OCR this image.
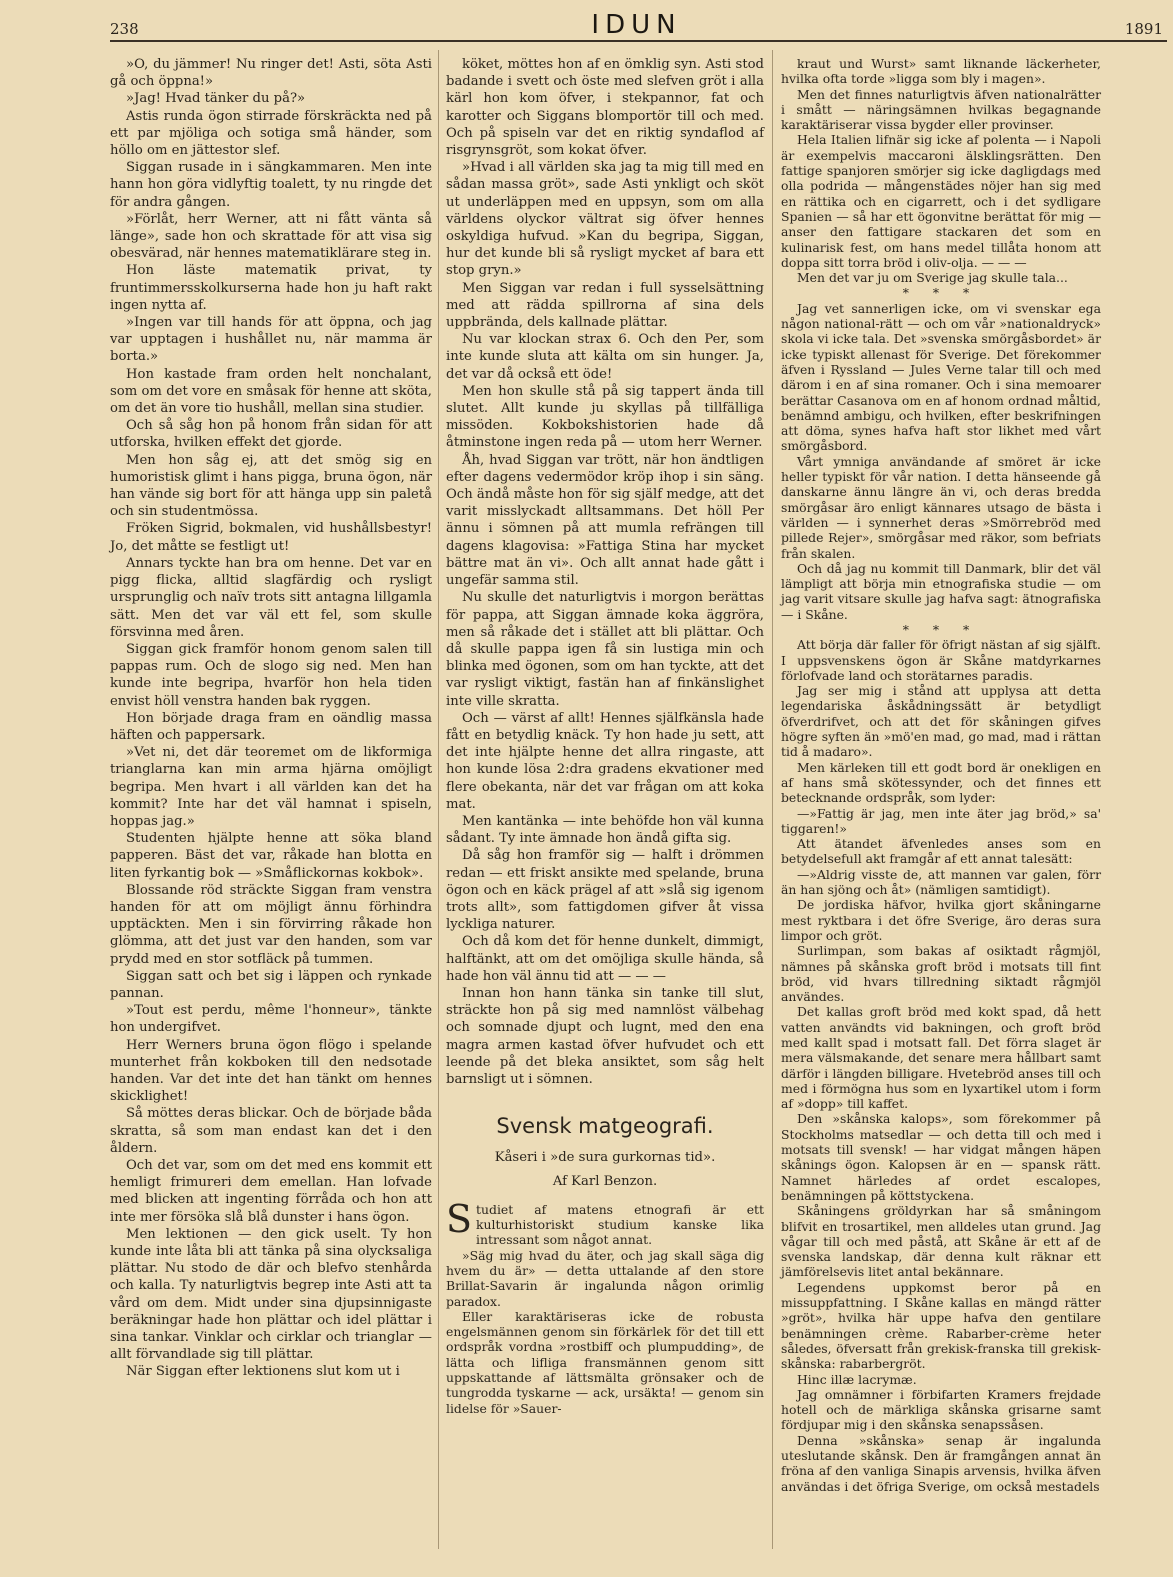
238	IDUN	1891

»O, du jämmer! Nu ringer det! Asti, söta Asti gå och öppna!»

»Jag! Hvad tänker du på?»

Astis runda ögon stirrade förskräckta ned på ett par mjöliga och sotiga små händer, som höllo om en jättestor slef.

Siggan rusade in i sängkammaren. Men inte hann hon göra vidlyftig toalett, ty nu ringde det för andra gången.

»Förlåt, herr Werner, att ni fått vänta så länge», sade hon och skrattade för att visa sig obesvärad, när hennes matematiklärare steg in.

Hon läste matematik privat, ty fruntimmersskolkurserna hade hon ju haft rakt ingen nytta af.

»Ingen var till hands för att öppna, och jag var upptagen i hushållet nu, när mamma är borta.»

Hon kastade fram orden helt nonchalant, som om det vore en småsak för henne att sköta, om det än vore tio hushåll, mellan sina studier.

Och så såg hon på honom från sidan för att utforska, hvilken effekt det gjorde.

Men hon såg ej, att det smög sig en humoristisk glimt i hans pigga, bruna ögon, när han vände sig bort för att hänga upp sin paletå och sin studentmössa.

Fröken Sigrid, bokmalen, vid hushållsbestyr! Jo, det måtte se festligt ut!

Annars tyckte han bra om henne. Det var en pigg flicka, alltid slagfärdig och rysligt ursprunglig och naïv trots sitt antagna lillgamla sätt. Men det var väl ett fel, som skulle försvinna med åren.

Siggan gick framför honom genom salen till pappas rum. Och de slogo sig ned. Men han kunde inte begripa, hvarför hon hela tiden envist höll venstra handen bak ryggen.

Hon började draga fram en oändlig massa häften och pappersark.

»Vet ni, det där teoremet om de likformiga trianglarna kan min arma hjärna omöjligt begripa. Men hvart i all världen kan det ha kommit? Inte har det väl hamnat i spiseln, hoppas jag.»

Studenten hjälpte henne att söka bland papperen. Bäst det var, råkade han blotta en liten fyrkantig bok — »Småflickornas kokbok».

Blossande röd sträckte Siggan fram venstra handen för att om möjligt ännu förhindra upptäckten. Men i sin förvirring råkade hon glömma, att det just var den handen, som var prydd med en stor sotfläck på tummen.

Siggan satt och bet sig i läppen och rynkade pannan.

»Tout est perdu, même l'honneur», tänkte hon undergifvet.

Herr Werners bruna ögon flögo i spelande munterhet från kokboken till den nedsotade handen. Var det inte det han tänkt om hennes skicklighet!

Så möttes deras blickar. Och de började båda skratta, så som man endast kan det i den åldern.

Och det var, som om det med ens kommit ett hemligt frimureri dem emellan. Han lofvade med blicken att ingenting förråda och hon att inte mer försöka slå blå dunster i hans ögon.

Men lektionen — den gick uselt. Ty hon kunde inte låta bli att tänka på sina olycksaliga plättar. Nu stodo de där och blefvo stenhårda och kalla. Ty naturligtvis begrep inte Asti att ta vård om dem. Midt under sina djupsinnigaste beräkningar hade hon plättar och idel plättar i sina tankar. Vinklar och cirklar och trianglar — allt förvandlade sig till plättar.

När Siggan efter lektionens slut kom ut i

köket, möttes hon af en ömklig syn. Asti stod badande i svett och öste med slefven gröt i alla kärl hon kom öfver, i stekpannor, fat och karotter och Siggans blomportör till och med. Och på spiseln var det en riktig syndaflod af risgrynsgröt, som kokat öfver.

»Hvad i all världen ska jag ta mig till med en sådan massa gröt», sade Asti ynkligt och sköt ut underläppen med en uppsyn, som om alla världens olyckor vältrat sig öfver hennes oskyldiga hufvud. »Kan du begripa, Siggan, hur det kunde bli så rysligt mycket af bara ett stop gryn.»

Men Siggan var redan i full sysselsättning med att rädda spillrorna af sina dels uppbrända, dels kallnade plättar.

Nu var klockan strax 6. Och den Per, som inte kunde sluta att kälta om sin hunger. Ja, det var då också ett öde!

Men hon skulle stå på sig tappert ända till slutet. Allt kunde ju skyllas på tillfälliga missöden. Kokbokshistorien hade då åtminstone ingen reda på — utom herr Werner.

Åh, hvad Siggan var trött, när hon ändtligen efter dagens vedermödor kröp ihop i sin säng. Och ändå måste hon för sig själf medge, att det varit misslyckadt alltsammans. Det höll Per ännu i sömnen på att mumla refrängen till dagens klagovisa: »Fattiga Stina har mycket bättre mat än vi». Och allt annat hade gått i ungefär samma stil.

Nu skulle det naturligtvis i morgon berättas för pappa, att Siggan ämnade koka äggröra, men så råkade det i stället att bli plättar. Och då skulle pappa igen få sin lustiga min och blinka med ögonen, som om han tyckte, att det var rysligt viktigt, fastän han af finkänslighet inte ville skratta.

Och — värst af allt! Hennes själfkänsla hade fått en betydlig knäck. Ty hon hade ju sett, att det inte hjälpte henne det allra ringaste, att hon kunde lösa 2:dra gradens ekvationer med flere obekanta, när det var frågan om att koka mat.

Men kantänka — inte behöfde hon väl kunna sådant. Ty inte ämnade hon ändå gifta sig.

Då såg hon framför sig — halft i drömmen redan — ett friskt ansikte med spelande, bruna ögon och en käck prägel af att »slå sig igenom trots allt», som fattigdomen gifver åt vissa lyckliga naturer.

Och då kom det för henne dunkelt, dimmigt, halftänkt, att om det omöjliga skulle hända, så hade hon väl ännu tid att — — —

Innan hon hann tänka sin tanke till slut, sträckte hon på sig med namnlöst välbehag och somnade djupt och lugnt, med den ena magra armen kastad öfver hufvudet och ett leende på det bleka ansiktet, som såg helt barnsligt ut i sömnen.

Svensk matgeografi.
Kåseri i »de sura gurkornas tid».
Af Karl Benzon.

Studiet af matens etnografi är ett kulturhistoriskt studium kanske lika intressant som något annat.

»Säg mig hvad du äter, och jag skall säga dig hvem du är» — detta uttalande af den store Brillat-Savarin är ingalunda någon orimlig paradox.

Eller karaktäriseras icke de robusta engelsmännen genom sin förkärlek för det till ett ordspråk vordna »rostbiff och plumpudding», de lätta och lifliga fransmännen genom sitt uppskattande af lättsmälta grönsaker och de tungrodda tyskarne — ack, ursäkta! — genom sin lidelse för »Sauer-

kraut und Wurst» samt liknande läckerheter, hvilka ofta torde »ligga som bly i magen».

Men det finnes naturligtvis äfven nationalrätter i smått — näringsämnen hvilkas begagnande karaktäriserar vissa bygder eller provinser.

Hela Italien lifnär sig icke af polenta — i Napoli är exempelvis maccaroni älsklingsrätten. Den fattige spanjoren smörjer sig icke dagligdags med olla podrida — mångenstädes nöjer han sig med en rättika och en cigarrett, och i det sydligare Spanien — så har ett ögonvitne berättat för mig — anser den fattigare stackaren det som en kulinarisk fest, om hans medel tillåta honom att doppa sitt torra bröd i oliv-olja. — — —

Men det var ju om Sverige jag skulle tala...

* * *

Jag vet sannerligen icke, om vi svenskar ega någon national-rätt — och om vår »nationaldryck» skola vi icke tala. Det »svenska smörgåsbordet» är icke typiskt allenast för Sverige. Det förekommer äfven i Ryssland — Jules Verne talar till och med därom i en af sina romaner. Och i sina memoarer berättar Casanova om en af honom ordnad måltid, benämnd ambigu, och hvilken, efter beskrifningen att döma, synes hafva haft stor likhet med vårt smörgåsbord.

Vårt ymniga användande af smöret är icke heller typiskt för vår nation. I detta hänseende gå danskarne ännu längre än vi, och deras bredda smörgåsar äro enligt kännares utsago de bästa i världen — i synnerhet deras »Smörrebröd med pillede Rejer», smörgåsar med räkor, som befriats från skalen.

Och då jag nu kommit till Danmark, blir det väl lämpligt att börja min etnografiska studie — om jag varit vitsare skulle jag hafva sagt: ätnografiska — i Skåne.

* * *

Att börja där faller för öfrigt nästan af sig själft. I uppsvenskens ögon är Skåne matdyrkarnes förlofvade land och storätarnes paradis.

Jag ser mig i stånd att upplysa att detta legendariska åskådningssätt är betydligt öfverdrifvet, och att det för skåningen gifves högre syften än »mö'en mad, go mad, mad i rättan tid å madaro».

Men kärleken till ett godt bord är onekligen en af hans små skötessynder, och det finnes ett betecknande ordspråk, som lyder:

—»Fattig är jag, men inte äter jag bröd,» sa' tiggaren!»

Att ätandet äfvenledes anses som en betydelsefull akt framgår af ett annat talesätt:

—»Aldrig visste de, att mannen var galen, förr än han sjöng och åt» (nämligen samtidigt).

De jordiska häfvor, hvilka gjort skåningarne mest ryktbara i det öfre Sverige, äro deras sura limpor och gröt.

Surlimpan, som bakas af osiktadt rågmjöl, nämnes på skånska groft bröd i motsats till fint bröd, vid hvars tillredning siktadt rågmjöl användes.

Det kallas groft bröd med kokt spad, då hett vatten användts vid bakningen, och groft bröd med kallt spad i motsatt fall. Det förra slaget är mera välsmakande, det senare mera hållbart samt därför i längden billigare. Hvetebröd anses till och med i förmögna hus som en lyxartikel utom i form af »dopp» till kaffet.

Den »skånska kalops», som förekommer på Stockholms matsedlar — och detta till och med i motsats till svensk! — har vidgat mången häpen skånings ögon. Kalopsen är en — spansk rätt. Namnet härledes af ordet escalopes, benämningen på köttstyckena.

Skåningens gröldyrkan har så småningom blifvit en trosartikel, men alldeles utan grund. Jag vågar till och med påstå, att Skåne är ett af de svenska landskap, där denna kult räknar ett jämförelsevis litet antal bekännare.

Legendens uppkomst beror på en missuppfattning. I Skåne kallas en mängd rätter »gröt», hvilka här uppe hafva den gentilare benämningen crème. Rabarber-crème heter således, öfversatt från grekisk-franska till grekisk-skånska: rabarbergröt.

Hinc illæ lacrymæ.

Jag omnämner i förbifarten Kramers frejdade hotell och de märkliga skånska grisarne samt fördjupar mig i den skånska senapssåsen.

Denna »skånska» senap är ingalunda uteslutande skånsk. Den är framgången annat än fröna af den vanliga Sinapis arvensis, hvilka äfven användas i det öfriga Sverige, om också mestadels
